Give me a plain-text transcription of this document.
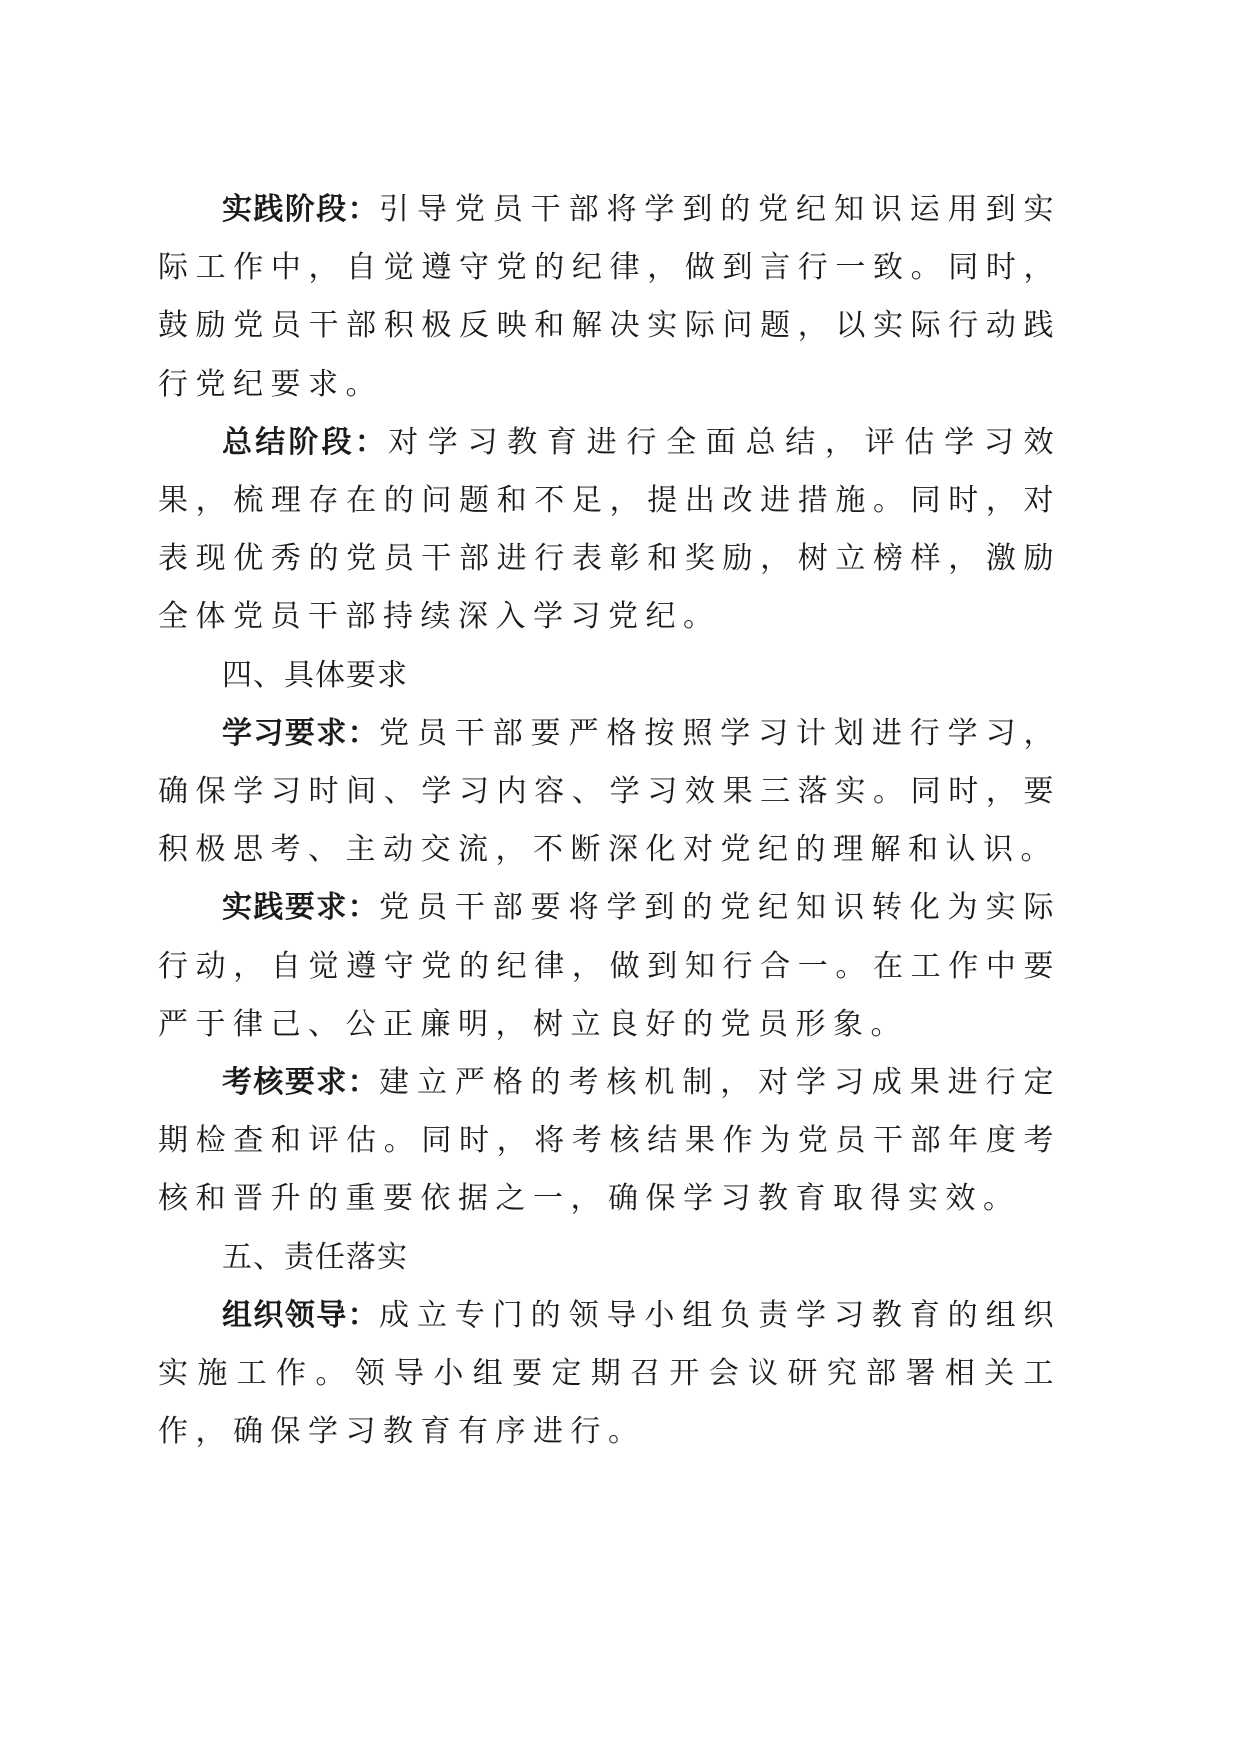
实践阶段：引导党员干部将学到的党纪知识运用到实际工作中，自觉遵守党的纪律，做到言行一致。同时，鼓励党员干部积极反映和解决实际问题，以实际行动践行党纪要求。

总结阶段：对学习教育进行全面总结，评估学习效果，梳理存在的问题和不足，提出改进措施。同时，对表现优秀的党员干部进行表彰和奖励，树立榜样，激励全体党员干部持续深入学习党纪。

四、具体要求

学习要求：党员干部要严格按照学习计划进行学习，确保学习时间、学习内容、学习效果三落实。同时，要积极思考、主动交流，不断深化对党纪的理解和认识。

实践要求：党员干部要将学到的党纪知识转化为实际行动，自觉遵守党的纪律，做到知行合一。在工作中要严于律己、公正廉明，树立良好的党员形象。

考核要求：建立严格的考核机制，对学习成果进行定期检查和评估。同时，将考核结果作为党员干部年度考核和晋升的重要依据之一，确保学习教育取得实效。

五、责任落实

组织领导：成立专门的领导小组负责学习教育的组织实施工作。领导小组要定期召开会议研究部署相关工作，确保学习教育有序进行。
